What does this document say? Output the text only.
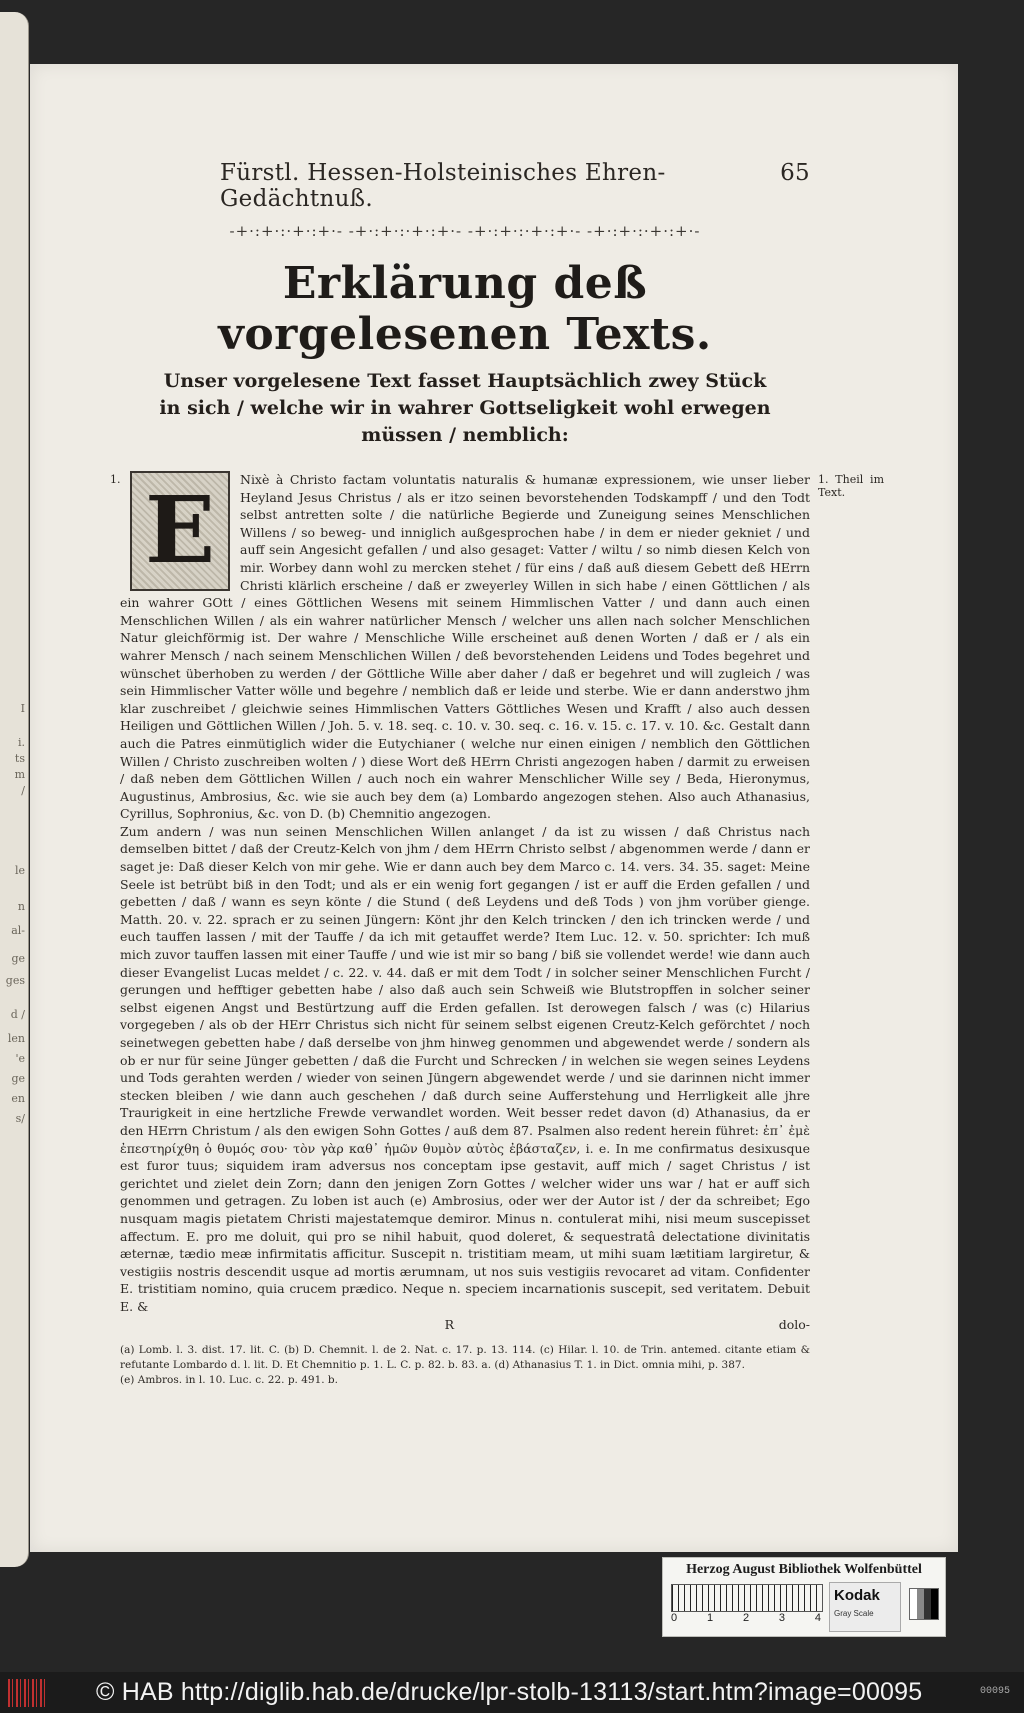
I
i.
ts
m
/
le
n
al-
ge
ges
d /
len
'e
ge
en
s/
Fürstl. Hessen-Holsteinisches Ehren-Gedächtnuß.
65
-+·:+·:·+·:+·- -+·:+·:·+·:+·- -+·:+·:·+·:+·- -+·:+·:·+·:+·-
Erklärung deß vorgelesenen Texts.
Unser vorgelesene Text fasset Hauptsächlich zwey Stück in sich / welche wir in wahrer Gottseligkeit wohl erwegen müssen / nemblich:
1.	1. Theil im Text.
E	Nixè à Christo factam voluntatis naturalis & humanæ expressionem, wie unser lieber Heyland Jesus Christus / als er itzo seinen bevorstehenden Todskampff / und den Todt selbst antretten solte / die natürliche Begierde und Zuneigung seines Menschlichen Willens / so beweg- und inniglich außgesprochen habe / in dem er nieder gekniet / und auff sein Angesicht gefallen / und also gesaget: Vatter / wiltu / so nimb diesen Kelch von mir. Worbey dann wohl zu mercken stehet / für eins / daß auß diesem Gebett deß HErrn Christi klärlich erscheine / daß er zweyerley Willen in sich habe / einen Göttlichen / als ein wahrer GOtt / eines Göttlichen Wesens mit seinem Himmlischen Vatter / und dann auch einen Menschlichen Willen / als ein wahrer natürlicher Mensch / welcher uns allen nach solcher Menschlichen Natur gleichförmig ist. Der wahre / Menschliche Wille erscheinet auß denen Worten / daß er / als ein wahrer Mensch / nach seinem Menschlichen Willen / deß bevorstehenden Leidens und Todes begehret und wünschet überhoben zu werden / der Göttliche Wille aber daher / daß er begehret und will zugleich / was sein Himmlischer Vatter wölle und begehre / nemblich daß er leide und sterbe. Wie er dann anderstwo jhm klar zuschreibet / gleichwie seines Himmlischen Vatters Göttliches Wesen und Krafft / also auch dessen Heiligen und Göttlichen Willen / Joh. 5. v. 18. seq. c. 10. v. 30. seq. c. 16. v. 15. c. 17. v. 10. &c. Gestalt dann auch die Patres einmütiglich wider die Eutychianer ( welche nur einen einigen / nemblich den Göttlichen Willen / Christo zuschreiben wolten / ) diese Wort deß HErrn Christi angezogen haben / darmit zu erweisen / daß neben dem Göttlichen Willen / auch noch ein wahrer Menschlicher Wille sey / Beda, Hieronymus, Augustinus, Ambrosius, &c. wie sie auch bey dem (a) Lombardo angezogen stehen. Also auch Athanasius, Cyrillus, Sophronius, &c. von D. (b) Chemnitio angezogen.

Zum andern / was nun seinen Menschlichen Willen anlanget / da ist zu wissen / daß Christus nach demselben bittet / daß der Creutz-Kelch von jhm / dem HErrn Christo selbst / abgenommen werde / dann er saget je: Daß dieser Kelch von mir gehe. Wie er dann auch bey dem Marco c. 14. vers. 34. 35. saget: Meine Seele ist betrübt biß in den Todt; und als er ein wenig fort gegangen / ist er auff die Erden gefallen / und gebetten / daß / wann es seyn könte / die Stund ( deß Leydens und deß Tods ) von jhm vorüber gienge. Matth. 20. v. 22. sprach er zu seinen Jüngern: Könt jhr den Kelch trincken / den ich trincken werde / und euch tauffen lassen / mit der Tauffe / da ich mit getauffet werde? Item Luc. 12. v. 50. sprichter: Ich muß mich zuvor tauffen lassen mit einer Tauffe / und wie ist mir so bang / biß sie vollendet werde! wie dann auch dieser Evangelist Lucas meldet / c. 22. v. 44. daß er mit dem Todt / in solcher seiner Menschlichen Furcht / gerungen und hefftiger gebetten habe / also daß auch sein Schweiß wie Blutstropffen in solcher seiner selbst eigenen Angst und Bestürtzung auff die Erden gefallen. Ist derowegen falsch / was (c) Hilarius vorgegeben / als ob der HErr Christus sich nicht für seinem selbst eigenen Creutz-Kelch geförchtet / noch seinetwegen gebetten habe / daß derselbe von jhm hinweg genommen und abgewendet werde / sondern als ob er nur für seine Jünger gebetten / daß die Furcht und Schrecken / in welchen sie wegen seines Leydens und Tods gerahten werden / wieder von seinen Jüngern abgewendet werde / und sie darinnen nicht immer stecken bleiben / wie dann auch geschehen / daß durch seine Aufferstehung und Herrligkeit alle jhre Traurigkeit in eine hertzliche Frewde verwandlet worden. Weit besser redet davon (d) Athanasius, da er den HErrn Christum / als den ewigen Sohn Gottes / auß dem 87. Psalmen also redent herein führet: ἐπ᾽ ἐμὲ ἐπεστηρίχθη ὁ θυμός σου· τὸν γὰρ καθ᾽ ἡμῶν θυμὸν αὐτὸς ἐβάσταζεν, i. e. In me confirmatus desixusque est furor tuus; siquidem iram adversus nos conceptam ipse gestavit, auff mich / saget Christus / ist gerichtet und zielet dein Zorn; dann den jenigen Zorn Gottes / welcher wider uns war / hat er auff sich genommen und getragen. Zu loben ist auch (e) Ambrosius, oder wer der Autor ist / der da schreibet; Ego nusquam magis pietatem Christi majestatemque demiror. Minus n. contulerat mihi, nisi meum suscepisset affectum. E. pro me doluit, qui pro se nihil habuit, quod doleret, & sequestratâ delectatione divinitatis æternæ, tædio meæ infirmitatis afficitur. Suscepit n. tristitiam meam, ut mihi suam lætitiam largiretur, & vestigiis nostris descendit usque ad mortis ærumnam, ut nos suis vestigiis revocaret ad vitam. Confidenter E. tristitiam nomino, quia crucem prædico. Neque n. speciem incarnationis suscepit, sed veritatem. Debuit E. &

R	dolo-
(a) Lomb. l. 3. dist. 17. lit. C. (b) D. Chemnit. l. de 2. Nat. c. 17. p. 13. 114. (c) Hilar. l. 10. de Trin. antemed. citante etiam & refutante Lombardo d. l. lit. D. Et Chemnitio p. 1. L. C. p. 82. b. 83. a. (d) Athanasius T. 1. in Dict. omnia mihi, p. 387.
(e) Ambros. in l. 10. Luc. c. 22. p. 491. b.
Herzog August Bibliothek Wolfenbüttel
0	1	2	3	4
Kodak
Gray Scale
© HAB http://diglib.hab.de/drucke/lpr-stolb-13113/start.htm?image=00095	00095
